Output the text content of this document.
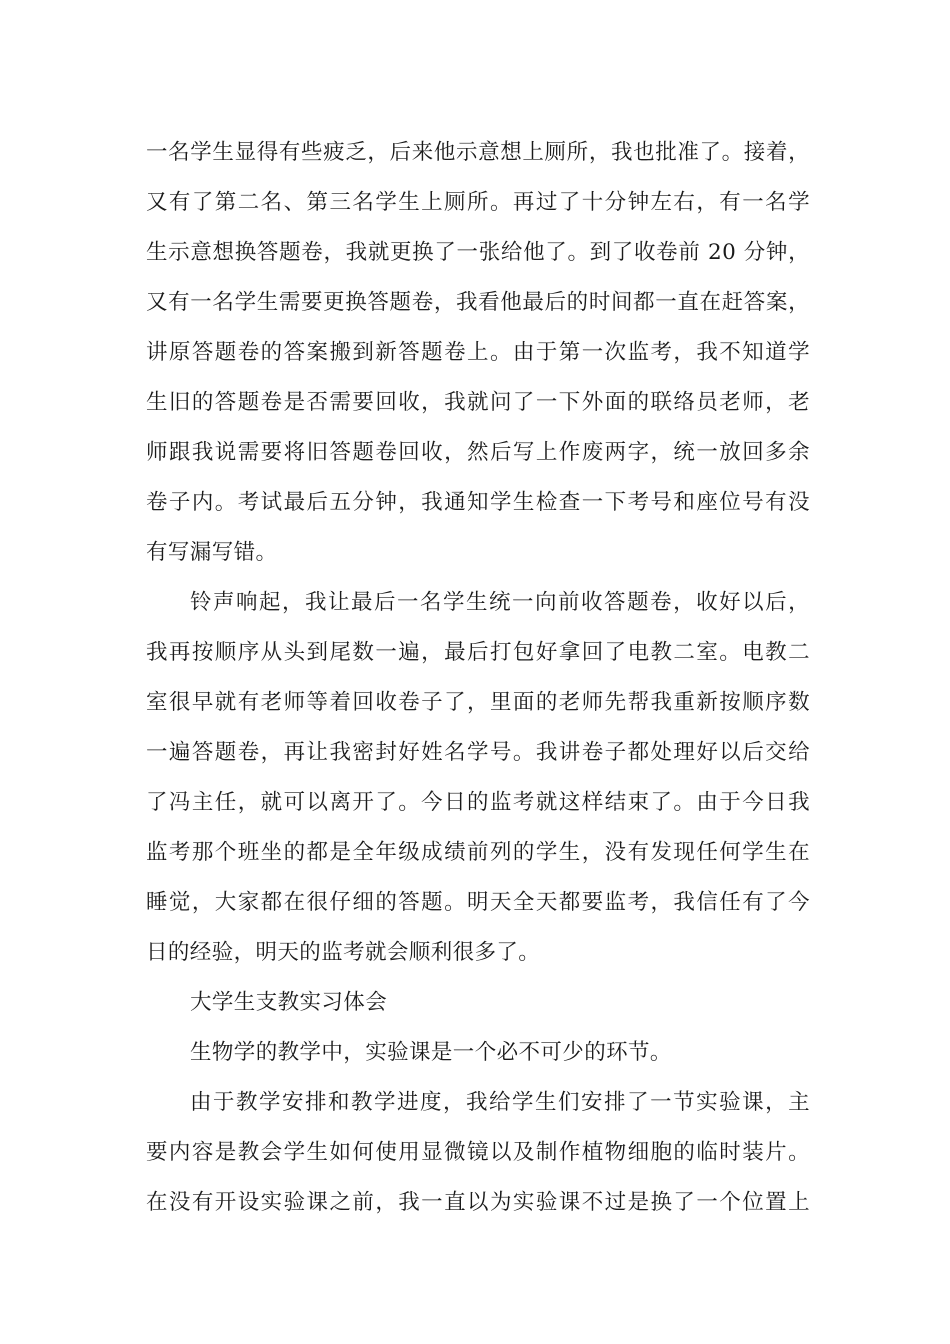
一名学生显得有些疲乏，后来他示意想上厕所，我也批准了。接着，
又有了第二名、第三名学生上厕所。再过了十分钟左右，有一名学
生示意想换答题卷，我就更换了一张给他了。到了收卷前 20 分钟，
又有一名学生需要更换答题卷，我看他最后的时间都一直在赶答案，
讲原答题卷的答案搬到新答题卷上。由于第一次监考，我不知道学
生旧的答题卷是否需要回收，我就问了一下外面的联络员老师，老
师跟我说需要将旧答题卷回收，然后写上作废两字，统一放回多余
卷子内。考试最后五分钟，我通知学生检查一下考号和座位号有没
有写漏写错。
铃声响起，我让最后一名学生统一向前收答题卷，收好以后，
我再按顺序从头到尾数一遍，最后打包好拿回了电教二室。电教二
室很早就有老师等着回收卷子了，里面的老师先帮我重新按顺序数
一遍答题卷，再让我密封好姓名学号。我讲卷子都处理好以后交给
了冯主任，就可以离开了。今日的监考就这样结束了。由于今日我
监考那个班坐的都是全年级成绩前列的学生，没有发现任何学生在
睡觉，大家都在很仔细的答题。明天全天都要监考，我信任有了今
日的经验，明天的监考就会顺利很多了。
大学生支教实习体会
生物学的教学中，实验课是一个必不可少的环节。
由于教学安排和教学进度，我给学生们安排了一节实验课，主
要内容是教会学生如何使用显微镜以及制作植物细胞的临时装片。
在没有开设实验课之前，我一直以为实验课不过是换了一个位置上
